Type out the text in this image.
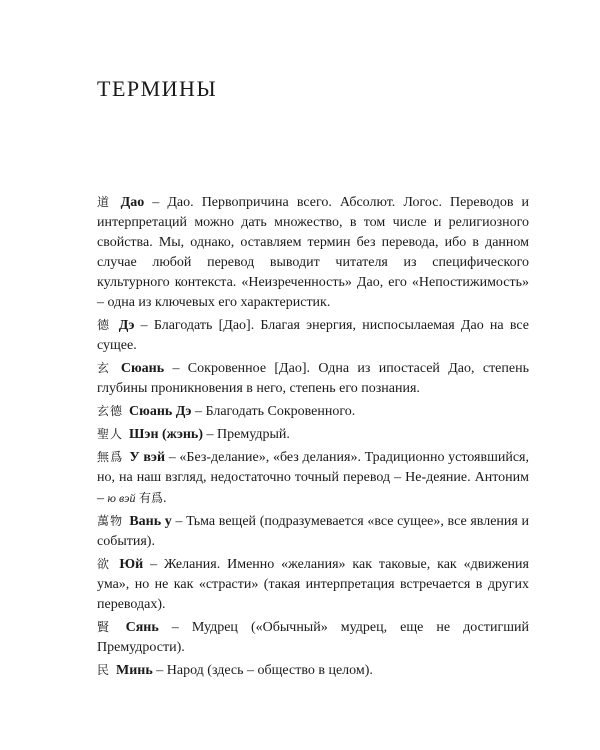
ТЕРМИНЫ

道 Дао – Дао. Первопричина всего. Абсолют. Логос. Переводов и интерпретаций можно дать множество, в том числе и религиозного свойства. Мы, однако, оставляем термин без перевода, ибо в данном случае любой перевод выводит читателя из специфического культурного контекста. «Неизреченность» Дао, его «Непостижимость» – одна из ключевых его характеристик.

德 Дэ – Благодать [Дао]. Благая энергия, ниспосылаемая Дао на все сущее.

玄 Сюань – Сокровенное [Дао]. Одна из ипостасей Дао, степень глубины проникновения в него, степень его познания.

玄德 Сюань Дэ – Благодать Сокровенного.

聖人 Шэн (жэнь) – Премудрый.

無爲 У вэй – «Без-делание», «без делания». Традиционно устоявшийся, но, на наш взгляд, недостаточно точный перевод – Не-деяние. Антоним – ю вэй 有爲.

萬物 Вань у – Тьма вещей (подразумевается «все сущее», все явления и события).

欲 Юй – Желания. Именно «желания» как таковые, как «движения ума», но не как «страсти» (такая интерпретация встречается в других переводах).

賢 Сянь – Мудрец («Обычный» мудрец, еще не достигший Премудрости).

民 Минь – Народ (здесь – общество в целом).
